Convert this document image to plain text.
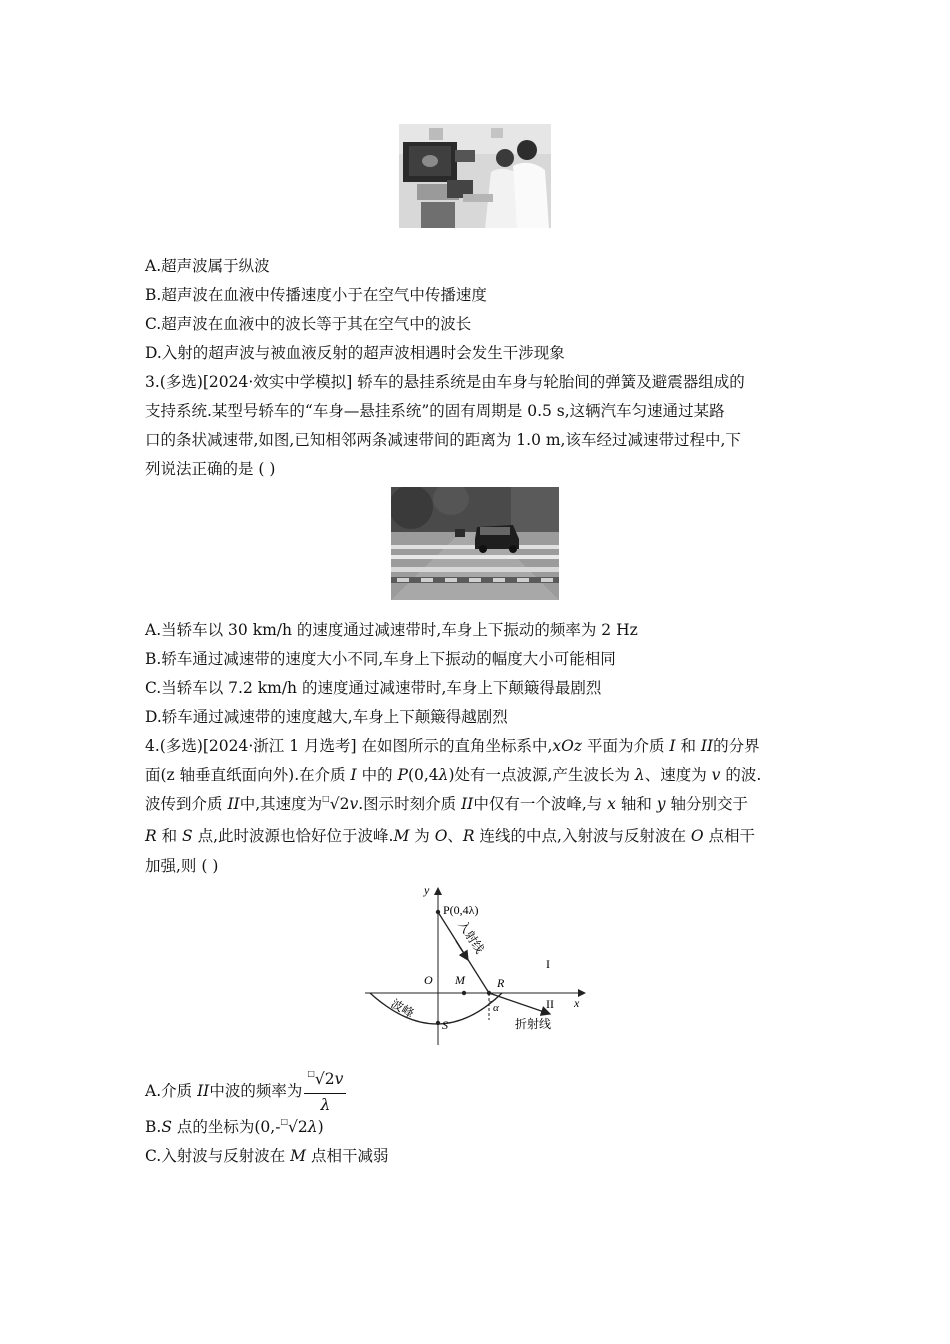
A.超声波属于纵波
B.超声波在血液中传播速度小于在空气中传播速度
C.超声波在血液中的波长等于其在空气中的波长
D.入射的超声波与被血液反射的超声波相遇时会发生干涉现象
3.(多选)[2024·效实中学模拟] 轿车的悬挂系统是由车身与轮胎间的弹簧及避震器组成的
支持系统.某型号轿车的“车身—悬挂系统”的固有周期是 0.5 s,这辆汽车匀速通过某路
口的条状减速带,如图,已知相邻两条减速带间的距离为 1.0 m,该车经过减速带过程中,下
列说法正确的是 ( )
A.当轿车以 30 km/h 的速度通过减速带时,车身上下振动的频率为 2 Hz
B.轿车通过减速带的速度大小不同,车身上下振动的幅度大小可能相同
C.当轿车以 7.2 km/h 的速度通过减速带时,车身上下颠簸得最剧烈
D.轿车通过减速带的速度越大,车身上下颠簸得越剧烈
4.(多选)[2024·浙江 1 月选考] 在如图所示的直角坐标系中,xOz 平面为介质 I 和 II的分界
面(z 轴垂直纸面向外).在介质 I 中的 P(0,4λ)处有一点波源,产生波长为 λ、速度为 v 的波.
波传到介质 II中,其速度为□√2v.图示时刻介质 II中仅有一个波峰,与 x 轴和 y 轴分别交于
R 和 S 点,此时波源也恰好位于波峰.M 为 O、R 连线的中点,入射波与反射波在 O 点相干
加强,则 ( )
y
x
P(0,4λ)
入射线
折射线
α
波峰
O M	R
S
I
II
A.介质 II中波的频率为 $\frac{^□√2v}{\lambda}$
B.S 点的坐标为(0,-□√2λ)
C.入射波与反射波在 M 点相干减弱
